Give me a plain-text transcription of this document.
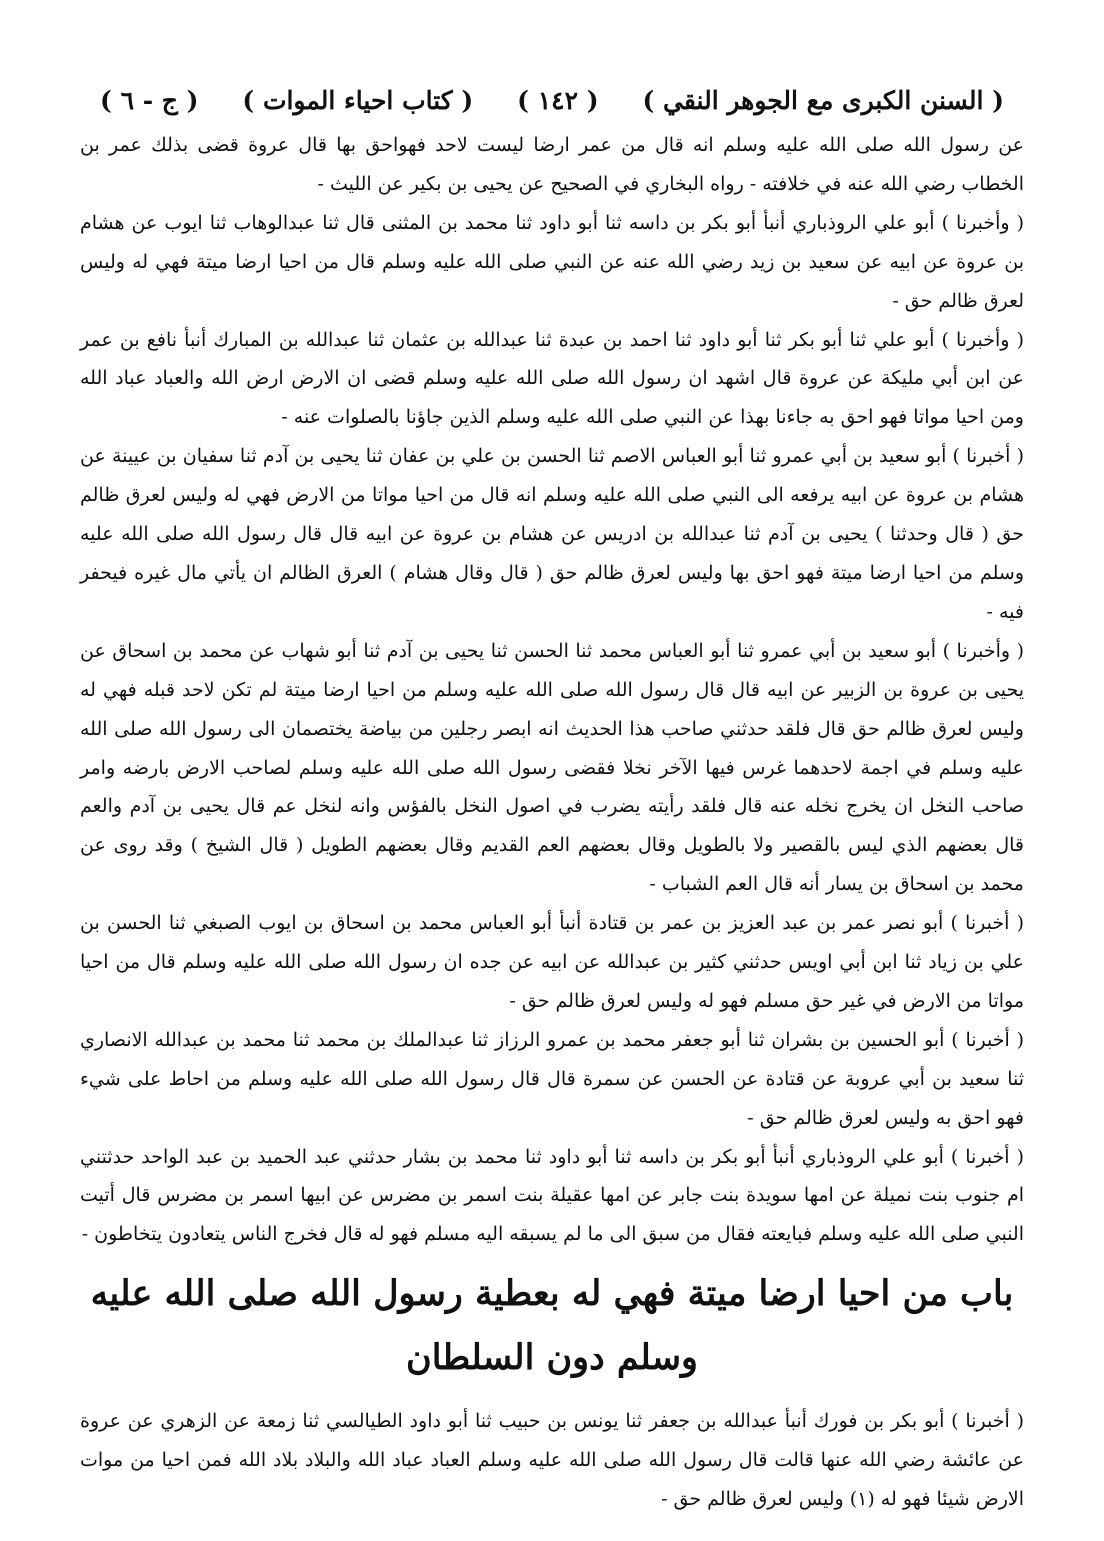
( السنن الكبرى مع الجوهر النقي )
( ١٤٢ )
( كتاب احياء الموات )
( ج - ٦ )

عن رسول الله صلى الله عليه وسلم انه قال من عمر ارضا ليست لاحد فهواحق بها قال عروة قضى بذلك عمر بن الخطاب رضي الله عنه في خلافته - رواه البخاري في الصحيح عن يحيى بن بكير عن الليث -

( وأخبرنا ) أبو علي الروذباري أنبأ أبو بكر بن داسه ثنا أبو داود ثنا محمد بن المثنى قال ثنا عبدالوهاب ثنا ايوب عن هشام بن عروة عن ابيه عن سعيد بن زيد رضي الله عنه عن النبي صلى الله عليه وسلم قال من احيا ارضا ميتة فهي له وليس لعرق ظالم حق -

( وأخبرنا ) أبو علي ثنا أبو بكر ثنا أبو داود ثنا احمد بن عبدة ثنا عبدالله بن عثمان ثنا عبدالله بن المبارك أنبأ نافع بن عمر عن ابن أبي مليكة عن عروة قال اشهد ان رسول الله صلى الله عليه وسلم قضى ان الارض ارض الله والعباد عباد الله ومن احيا مواتا فهو احق به جاءنا بهذا عن النبي صلى الله عليه وسلم الذين جاؤنا بالصلوات عنه -

( أخبرنا ) أبو سعيد بن أبي عمرو ثنا أبو العباس الاصم ثنا الحسن بن علي بن عفان ثنا يحيى بن آدم ثنا سفيان بن عيينة عن هشام بن عروة عن ابيه يرفعه الى النبي صلى الله عليه وسلم انه قال من احيا مواتا من الارض فهي له وليس لعرق ظالم حق ( قال وحدثنا ) يحيى بن آدم ثنا عبدالله بن ادريس عن هشام بن عروة عن ابيه قال قال رسول الله صلى الله عليه وسلم من احيا ارضا ميتة فهو احق بها وليس لعرق ظالم حق ( قال وقال هشام ) العرق الظالم ان يأتي مال غيره فيحفر فيه -

( وأخبرنا ) أبو سعيد بن أبي عمرو ثنا أبو العباس محمد ثنا الحسن ثنا يحيى بن آدم ثنا أبو شهاب عن محمد بن اسحاق عن يحيى بن عروة بن الزبير عن ابيه قال قال رسول الله صلى الله عليه وسلم من احيا ارضا ميتة لم تكن لاحد قبله فهي له وليس لعرق ظالم حق قال فلقد حدثني صاحب هذا الحديث انه ابصر رجلين من بياضة يختصمان الى رسول الله صلى الله عليه وسلم في اجمة لاحدهما غرس فيها الآخر نخلا فقضى رسول الله صلى الله عليه وسلم لصاحب الارض بارضه وامر صاحب النخل ان يخرج نخله عنه قال فلقد رأيته يضرب في اصول النخل بالفؤس وانه لنخل عم قال يحيى بن آدم والعم قال بعضهم الذي ليس بالقصير ولا بالطويل وقال بعضهم العم القديم وقال بعضهم الطويل ( قال الشيخ ) وقد روى عن محمد بن اسحاق بن يسار أنه قال العم الشباب -

( أخبرنا ) أبو نصر عمر بن عبد العزيز بن عمر بن قتادة أنبأ أبو العباس محمد بن اسحاق بن ايوب الصبغي ثنا الحسن بن علي بن زياد ثنا ابن أبي اويس حدثني كثير بن عبدالله عن ابيه عن جده ان رسول الله صلى الله عليه وسلم قال من احيا مواتا من الارض في غير حق مسلم فهو له وليس لعرق ظالم حق -

( أخبرنا ) أبو الحسين بن بشران ثنا أبو جعفر محمد بن عمرو الرزاز ثنا عبدالملك بن محمد ثنا محمد بن عبدالله الانصاري ثنا سعيد بن أبي عروبة عن قتادة عن الحسن عن سمرة قال قال رسول الله صلى الله عليه وسلم من احاط على شيء فهو احق به وليس لعرق ظالم حق -

( أخبرنا ) أبو علي الروذباري أنبأ أبو بكر بن داسه ثنا أبو داود ثنا محمد بن بشار حدثني عبد الحميد بن عبد الواحد حدثتني ام جنوب بنت نميلة عن امها سويدة بنت جابر عن امها عقيلة بنت اسمر بن مضرس عن ابيها اسمر بن مضرس قال أتيت النبي صلى الله عليه وسلم فبايعته فقال من سبق الى ما لم يسبقه اليه مسلم فهو له قال فخرج الناس يتعادون يتخاطون -

باب من احيا ارضا ميتة فهي له بعطية رسول الله صلى الله عليه
وسلم دون السلطان

( أخبرنا ) أبو بكر بن فورك أنبأ عبدالله بن جعفر ثنا يونس بن حبيب ثنا أبو داود الطيالسي ثنا زمعة عن الزهري عن عروة عن عائشة رضي الله عنها قالت قال رسول الله صلى الله عليه وسلم العباد عباد الله والبلاد بلاد الله فمن احيا من موات الارض شيئا فهو له (١) وليس لعرق ظالم حق -
